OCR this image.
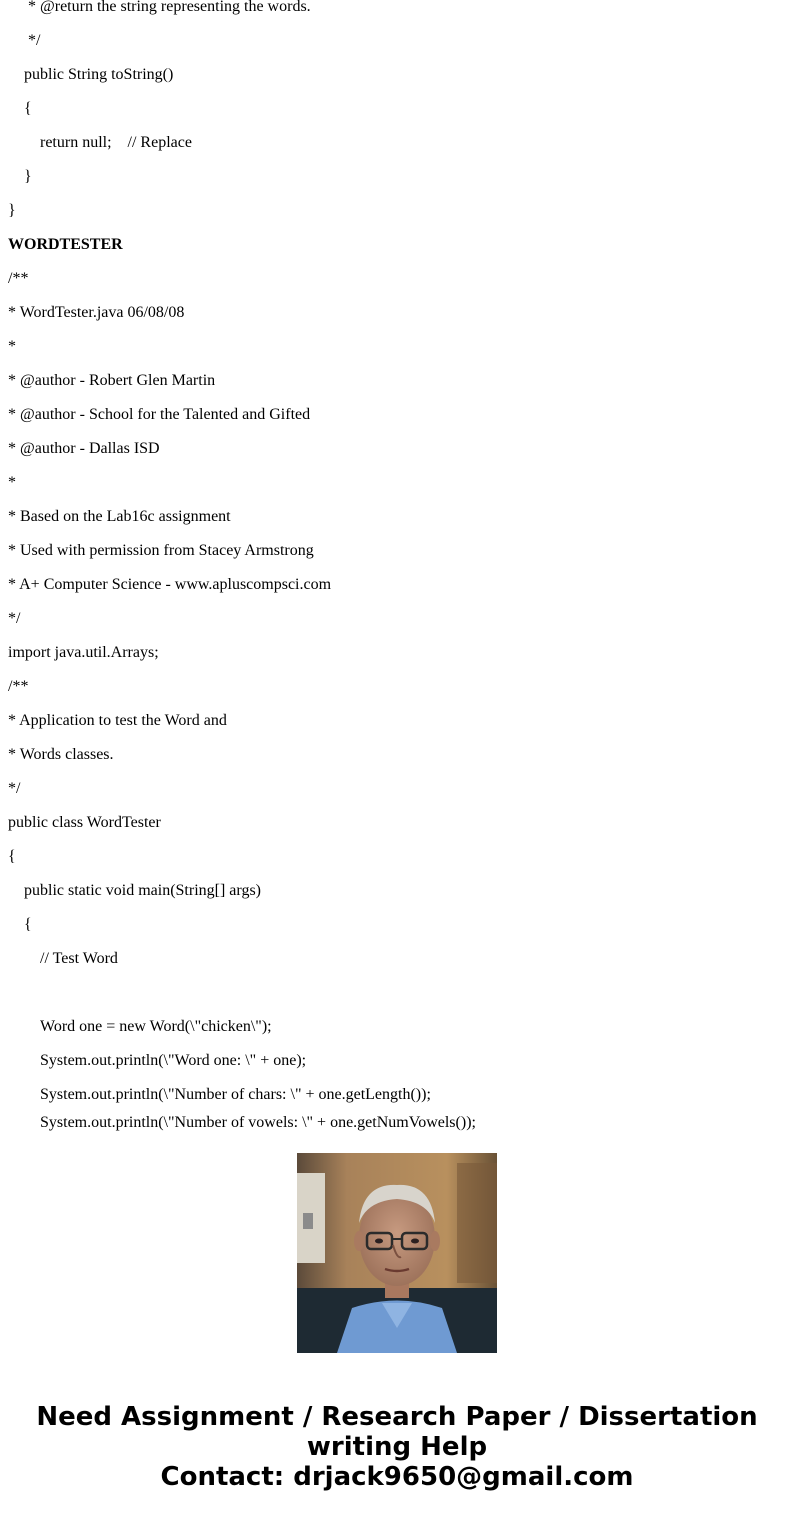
* @return the string representing the words.
*/
public String toString()
{
return null;    // Replace
}
}
WORDTESTER
/**
* WordTester.java 06/08/08
*
* @author - Robert Glen Martin
* @author - School for the Talented and Gifted
* @author - Dallas ISD
*
* Based on the Lab16c assignment
* Used with permission from Stacey Armstrong
* A+ Computer Science - www.apluscompsci.com
*/
import java.util.Arrays;
/**
* Application to test the Word and
* Words classes.
*/
public class WordTester
{
public static void main(String[] args)
{
// Test Word
Word one = new Word(\"chicken\");
System.out.println(\"Word one: \" + one);
System.out.println(\"Number of chars: \" + one.getLength());
System.out.println(\"Number of vowels: \" + one.getNumVowels());
Need Assignment / Research Paper / Dissertation
writing Help
Contact: drjack9650@gmail.com
